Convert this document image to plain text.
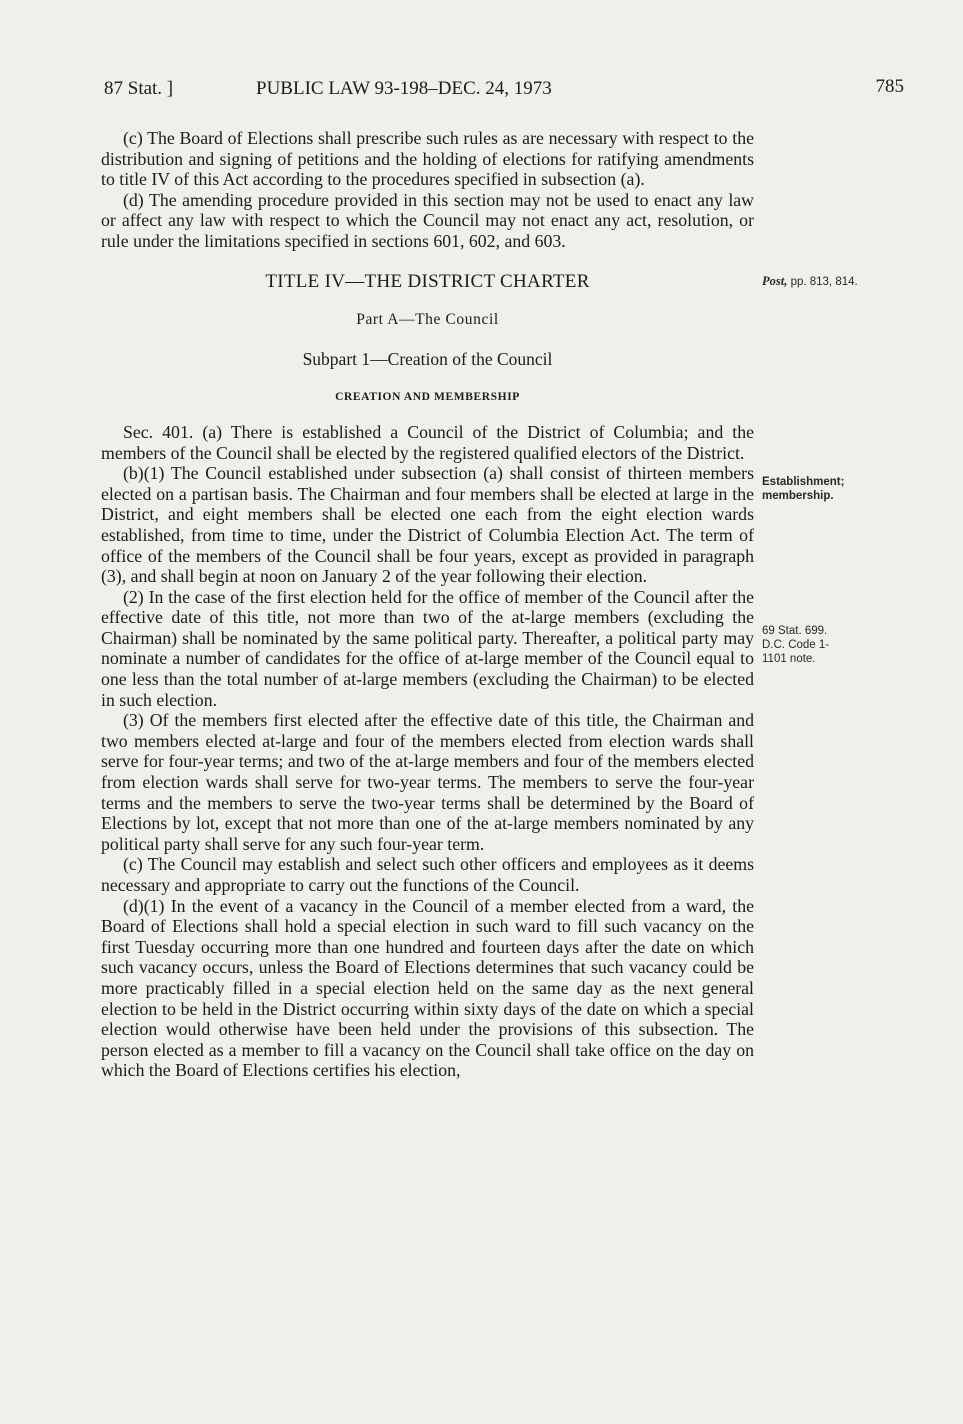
87 Stat. ]	PUBLIC LAW 93-198–DEC. 24, 1973	785
Post, pp. 813, 814.
Establishment; membership.
69 Stat. 699.
D.C. Code 1-
1101 note.

(c) The Board of Elections shall prescribe such rules as are necessary with respect to the distribution and signing of petitions and the holding of elections for ratifying amendments to title IV of this Act according to the procedures specified in subsection (a).

(d) The amending procedure provided in this section may not be used to enact any law or affect any law with respect to which the Council may not enact any act, resolution, or rule under the limitations specified in sections 601, 602, and 603.

TITLE IV—THE DISTRICT CHARTER

Part A—The Council

Subpart 1—Creation of the Council

CREATION AND MEMBERSHIP

Sec. 401. (a) There is established a Council of the District of Columbia; and the members of the Council shall be elected by the registered qualified electors of the District.

(b)(1) The Council established under subsection (a) shall consist of thirteen members elected on a partisan basis. The Chairman and four members shall be elected at large in the District, and eight members shall be elected one each from the eight election wards established, from time to time, under the District of Columbia Election Act. The term of office of the members of the Council shall be four years, except as provided in paragraph (3), and shall begin at noon on January 2 of the year following their election.

(2) In the case of the first election held for the office of member of the Council after the effective date of this title, not more than two of the at-large members (excluding the Chairman) shall be nominated by the same political party. Thereafter, a political party may nominate a number of candidates for the office of at-large member of the Council equal to one less than the total number of at-large members (excluding the Chairman) to be elected in such election.

(3) Of the members first elected after the effective date of this title, the Chairman and two members elected at-large and four of the members elected from election wards shall serve for four-year terms; and two of the at-large members and four of the members elected from election wards shall serve for two-year terms. The members to serve the four-year terms and the members to serve the two-year terms shall be determined by the Board of Elections by lot, except that not more than one of the at-large members nominated by any political party shall serve for any such four-year term.

(c) The Council may establish and select such other officers and employees as it deems necessary and appropriate to carry out the functions of the Council.

(d)(1) In the event of a vacancy in the Council of a member elected from a ward, the Board of Elections shall hold a special election in such ward to fill such vacancy on the first Tuesday occurring more than one hundred and fourteen days after the date on which such vacancy occurs, unless the Board of Elections determines that such vacancy could be more practicably filled in a special election held on the same day as the next general election to be held in the District occurring within sixty days of the date on which a special election would otherwise have been held under the provisions of this subsection. The person elected as a member to fill a vacancy on the Council shall take office on the day on which the Board of Elections certifies his election,
